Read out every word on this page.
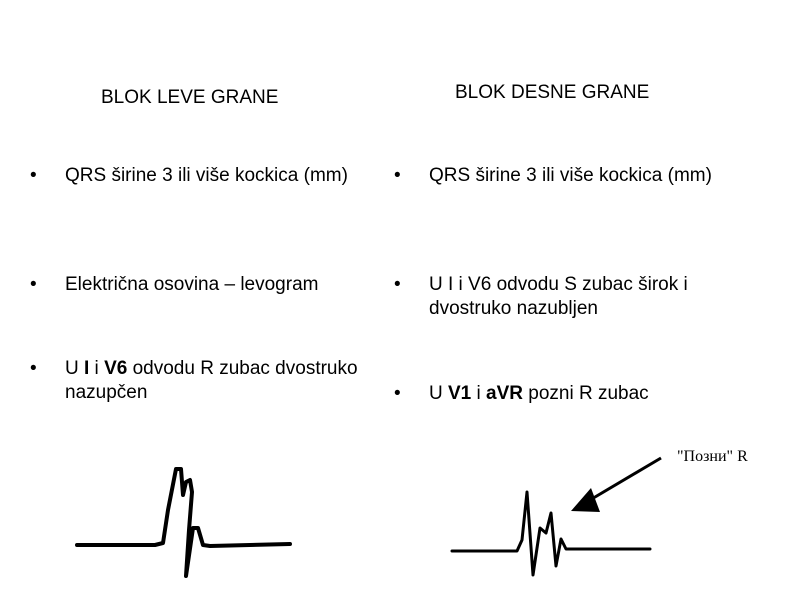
BLOK LEVE GRANE	BLOK DESNE GRANE
•	QRS širine 3 ili više kockica (mm)
•	Električna osovina – levogram
•	U I i V6 odvodu R zubac dvostruko nazupčen
•	QRS širine 3 ili više kockica (mm)
•	U I i V6 odvodu S zubac širok i dvostruko nazubljen
•	U V1 i aVR pozni R zubac
"Позни" R
